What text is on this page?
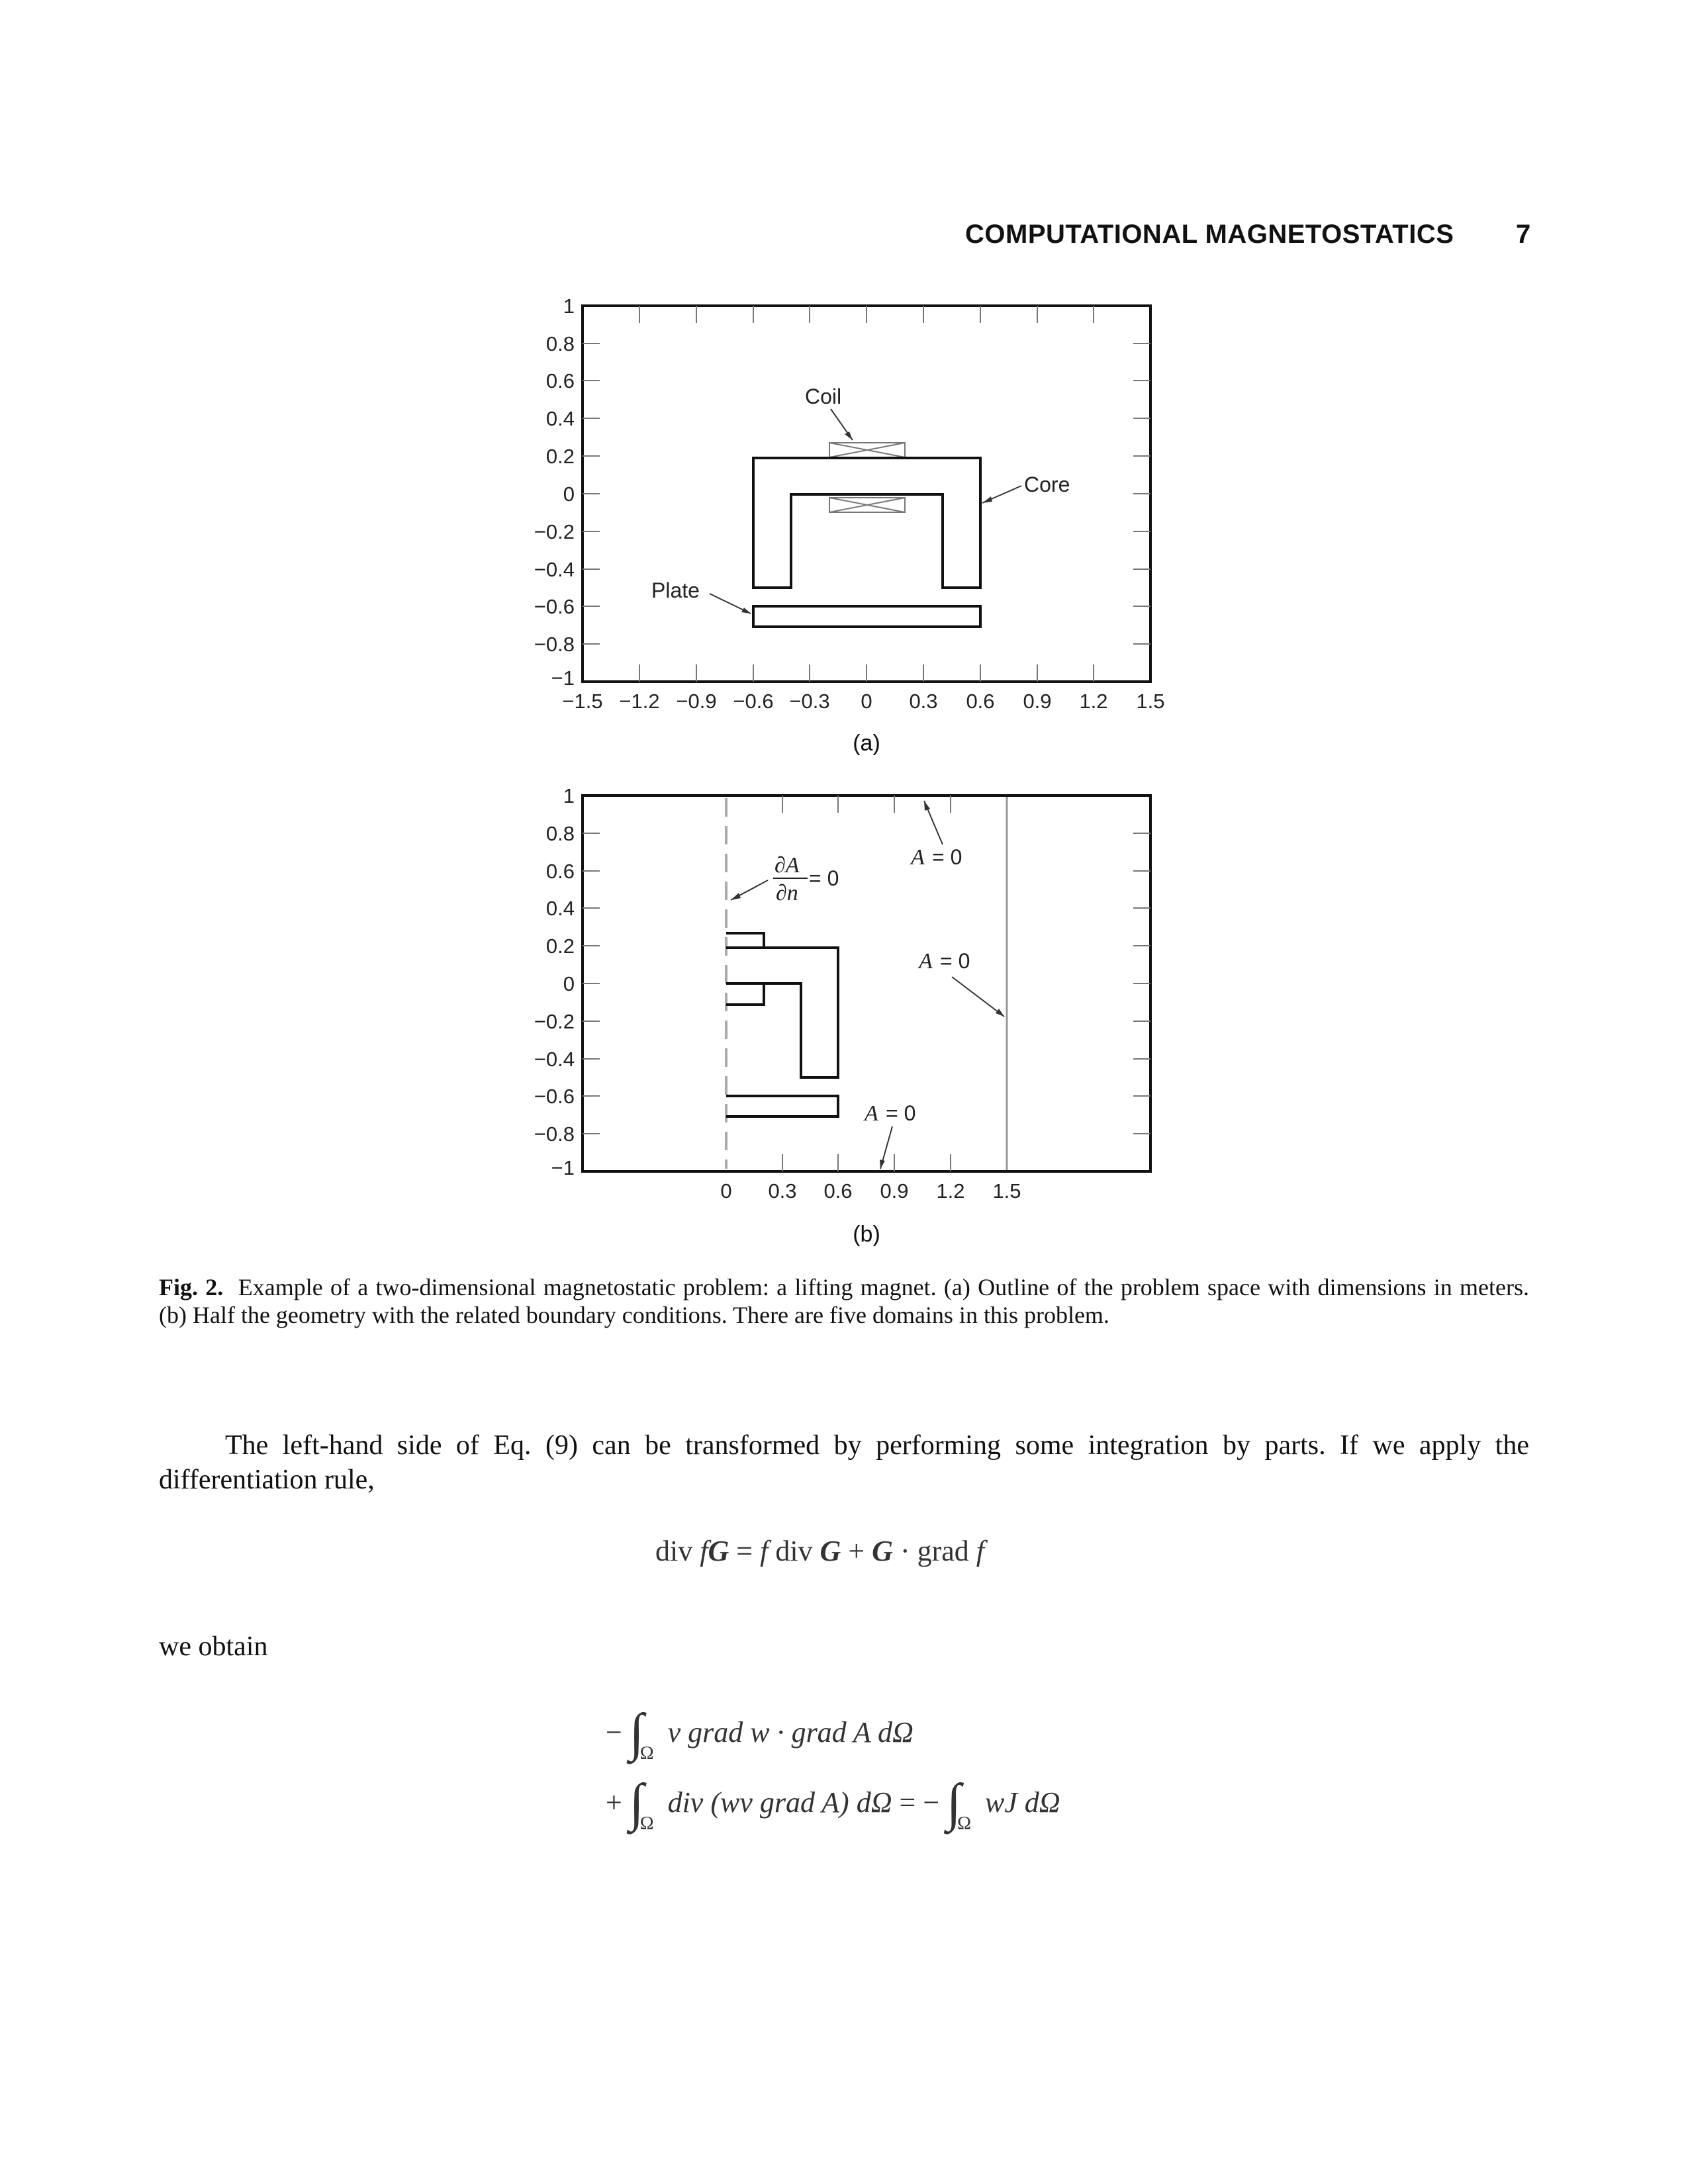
COMPUTATIONAL MAGNETOSTATICS 7
1
0.8
0.6
0.4
0.2
0
−0.2
−0.4
−0.6
−0.8
−1
−1.5 −1.2 −0.9 −0.6 −0.3 0 0.3 0.6 0.9 1.2 1.5
Coil
Core
Plate
(a)
1
0.8
0.6
0.4
0.2
0
−0.2
−0.4
−0.6
−0.8
−1
0 0.3 0.6 0.9 1.2 1.5
∂A
∂n
= 0
A = 0
A = 0
A = 0
(b)
Fig. 2. Example of a two-dimensional magnetostatic problem: a lifting magnet. (a) Outline of the problem space with dimensions in meters. (b) Half the geometry with the related boundary conditions. There are five domains in this problem.
The left-hand side of Eq. (9) can be transformed by performing some integration by parts. If we apply the differentiation rule,
div fG = f div G + G · grad f
we obtain
− $\int_\Omega$ v grad w · grad A dΩ
+ $\int_\Omega$ div (wv grad A) dΩ = − $\int_\Omega$ wJ dΩ
